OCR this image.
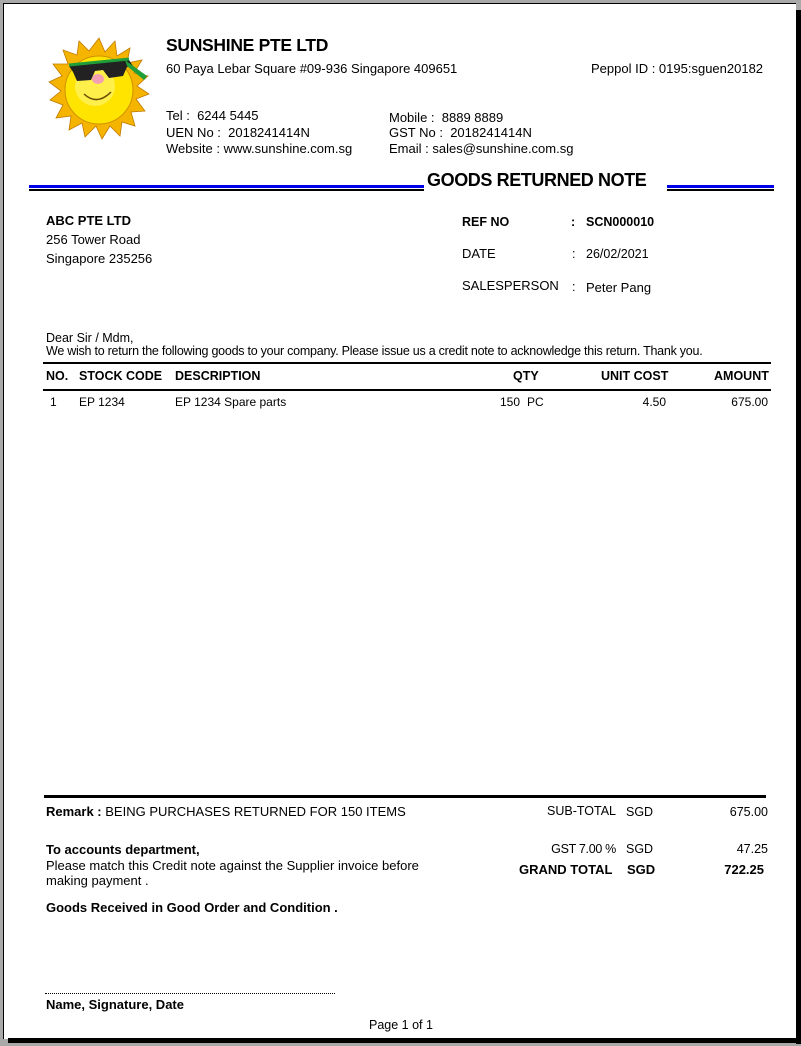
SUNSHINE PTE LTD
60 Paya Lebar Square #09-936 Singapore 409651	Peppol ID : 0195:sguen20182
Tel : 6244 5445
UEN No : 2018241414N
Website : www.sunshine.com.sg
Mobile : 8889 8889
GST No : 2018241414N
Email : sales@sunshine.com.sg
GOODS RETURNED NOTE
ABC PTE LTD
256 Tower Road
Singapore 235256
REF NO	: SCN000010
DATE	: 26/02/2021
SALESPERSON : Peter Pang
Dear Sir / Mdm,
We wish to return the following goods to your company. Please issue us a credit note to acknowledge this return. Thank you.
NO. STOCK CODE DESCRIPTION	QTY	UNIT COST	AMOUNT
1 EP 1234	EP 1234 Spare parts	150 PC	4.50	675.00
Remark : BEING PURCHASES RETURNED FOR 150 ITEMS
To accounts department,
Please match this Credit note against the Supplier invoice before
making payment .
Goods Received in Good Order and Condition .
Name, Signature, Date
Page 1 of 1
SUB-TOTAL SGD	675.00
GST 7.00 % SGD	47.25
GRAND TOTAL SGD	722.25
